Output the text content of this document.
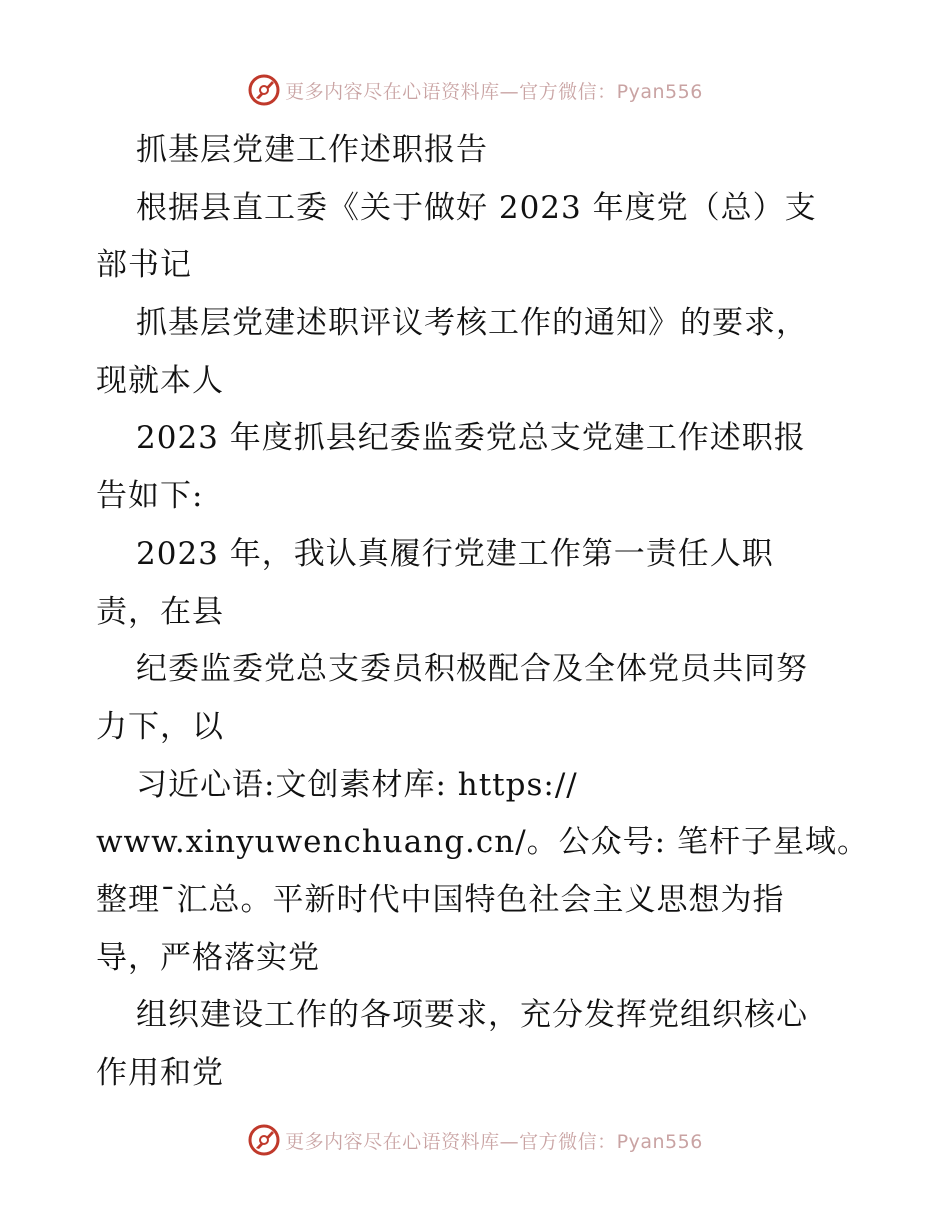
更多内容尽在心语资料库—官方微信：Pyan556
抓基层党建工作述职报告
根据县直工委《关于做好 2023 年度党（总）支
部书记
抓基层党建述职评议考核工作的通知》的要求，
现就本人
2023 年度抓县纪委监委党总支党建工作述职报
告如下:
2023 年，我认真履行党建工作第一责任人职
责，在县
纪委监委党总支委员积极配合及全体党员共同努
力下，以
习近心语:文创素材库: https://
www.xinyuwenchuang.cn/。公众号: 笔杆子星域。
整理¯汇总。平新时代中国特色社会主义思想为指
导，严格落实党
组织建设工作的各项要求，充分发挥党组织核心
作用和党
更多内容尽在心语资料库—官方微信：Pyan556
